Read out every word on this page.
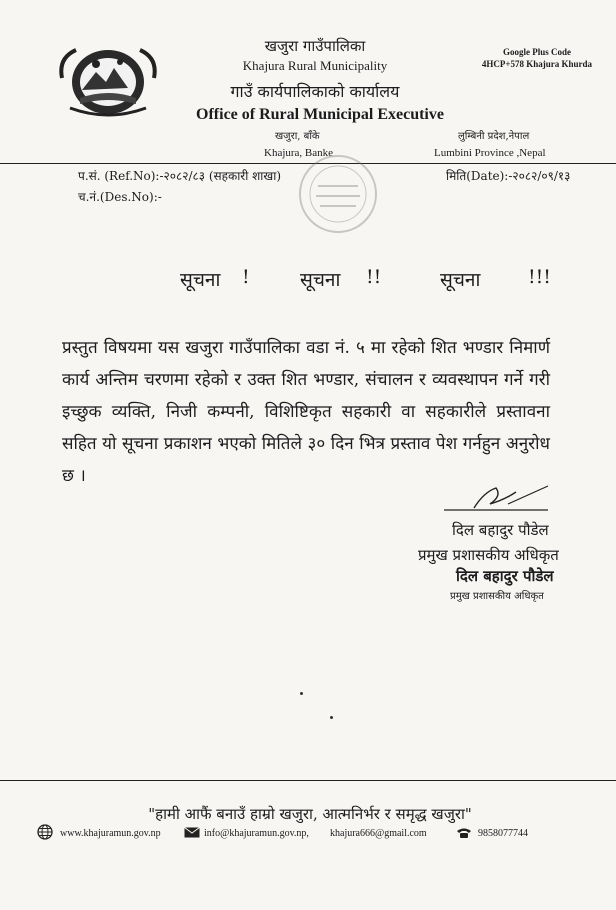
खजुरा गाउँपालिका
Khajura Rural Municipality
गाउँ कार्यपालिकाको कार्यालय
Office of Rural Municipal Executive
खजुरा, बाँके
Khajura, Banke
Google Plus Code
4HCP+578 Khajura Khurda
लुम्बिनी प्रदेश,नेपाल
Lumbini Province ,Nepal
प.सं. (Ref.No):-२०८२/८३ (सहकारी शाखा)	मिति(Date):-२०८२/०९/१३
च.नं.(Des.No):-
सूचना !	सूचना !!	सूचना	!!!
प्रस्तुत विषयमा यस खजुरा गाउँपालिका वडा नं. ५ मा रहेको शित भण्डार निमार्ण कार्य अन्तिम चरणमा रहेको र उक्त शित भण्डार, संचालन र व्यवस्थापन गर्ने गरी इच्छुक व्यक्ति, निजी कम्पनी, विशिष्टिकृत सहकारी वा सहकारीले प्रस्तावना सहित यो सूचना प्रकाशन भएको मितिले ३० दिन भित्र प्रस्ताव पेश गर्नहुन अनुरोध छ ।
दिल बहादुर पौडेल
प्रमुख प्रशासकीय अधिकृत
दिल बहादुर पौडेल
प्रमुख प्रशासकीय अधिकृत
"हामी आफैं बनाउँ हाम्रो खजुरा, आत्मनिर्भर र समृद्ध खजुरा"
www.khajuramun.gov.np	info@khajuramun.gov.np, khajura666@gmail.com	9858077744
